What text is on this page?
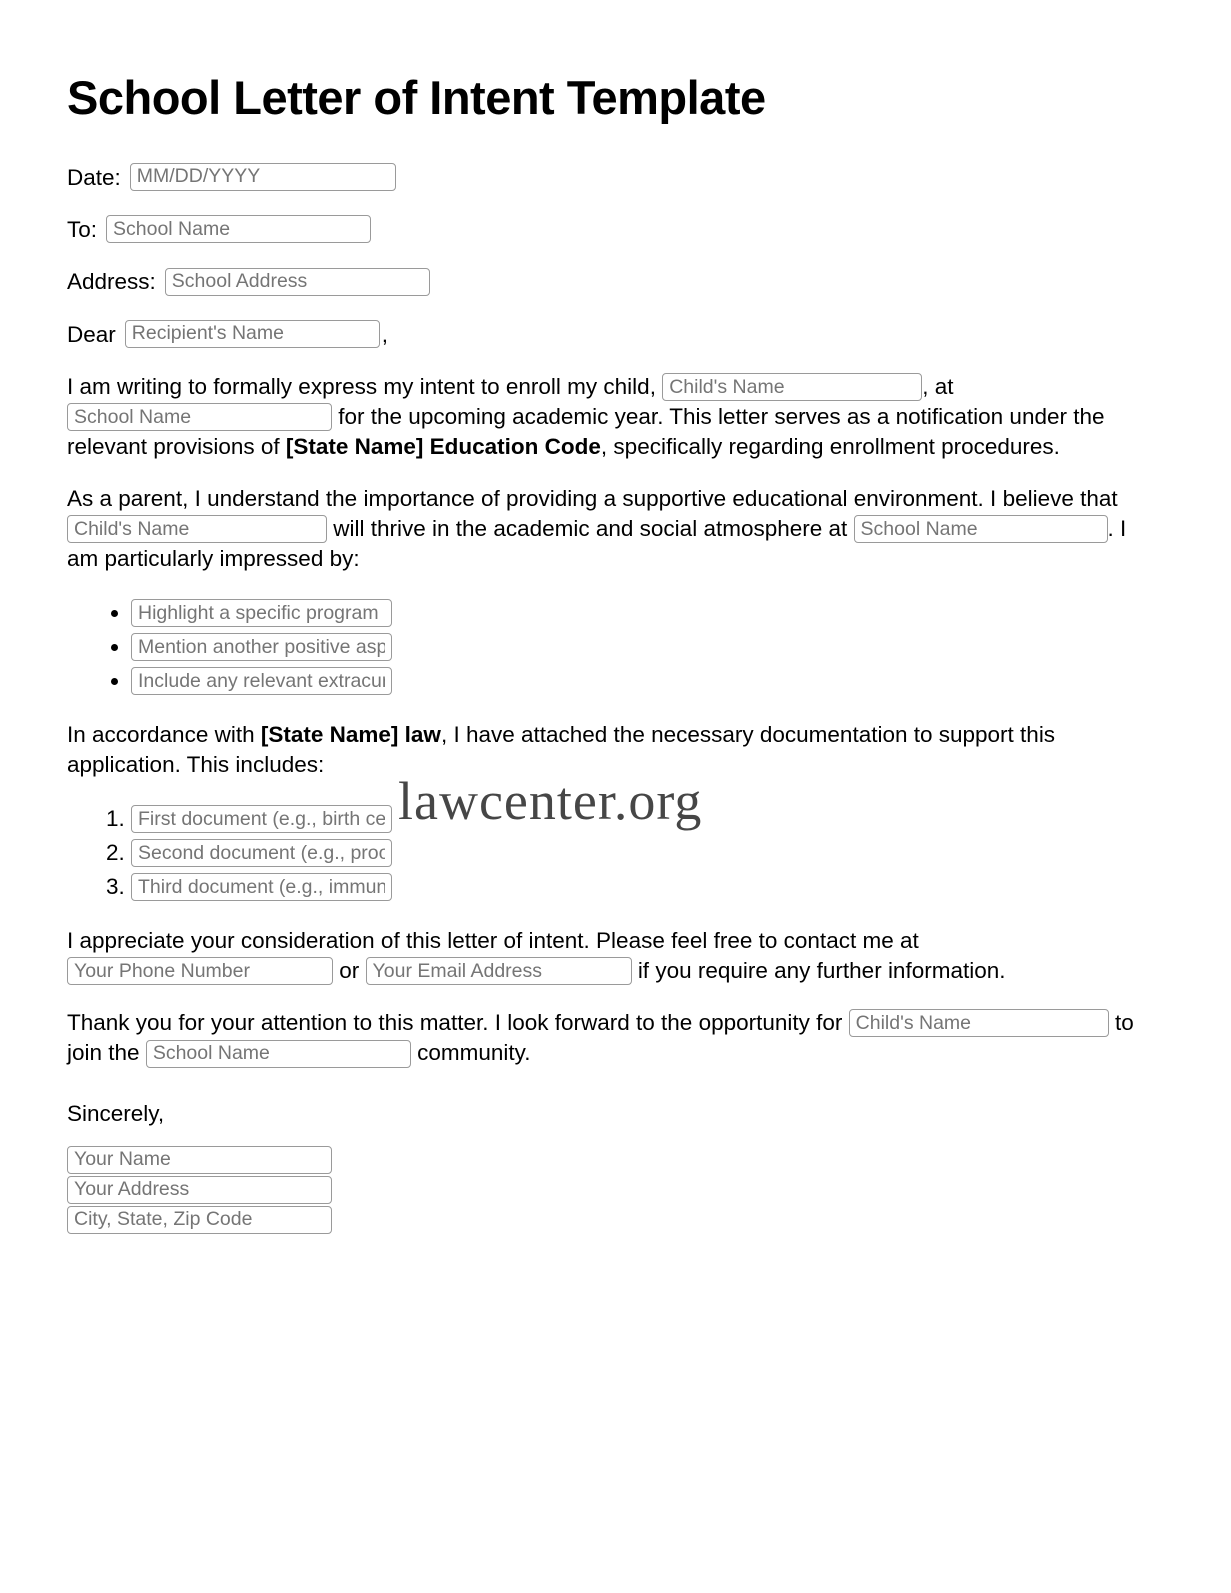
School Letter of Intent Template
Date:
MM/DD/YYYY
To:
School Name
Address:
School Address
Dear
Recipient's Name	,

I am writing to formally express my intent to enroll my child, Child's Name	, at School Name for the upcoming academic year. This letter serves as a notification under the relevant provisions of [State Name] Education Code, specifically regarding enrollment procedures.

As a parent, I understand the importance of providing a supportive educational environment. I believe that Child's Name will thrive in the academic and social atmosphere at School Name	. I am particularly impressed by:

• Highlight a specific program
• Mention another positive aspect
• Include any relevant extracurricular

In accordance with [State Name] law, I have attached the necessary documentation to support this application. This includes:

1. First document (e.g., birth certificate)
2. Second document (e.g., proof of residence)
3. Third document (e.g., immunization records)

I appreciate your consideration of this letter of intent. Please feel free to contact me at Your Phone Number or Your Email Address	if you require any further information.

Thank you for your attention to this matter. I look forward to the opportunity for Child's Name	to join the School Name	community.

Sincerely,
Your Name
Your Address
City, State, Zip Code
lawcenter.org
